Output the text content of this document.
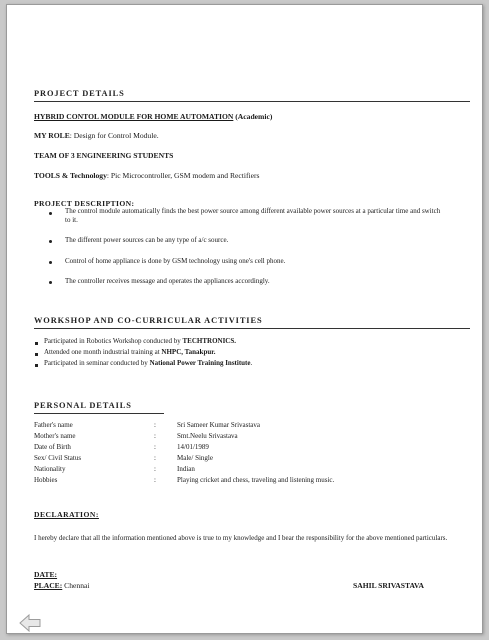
PROJECT DETAILS
HYBRID CONTOL MODULE FOR HOME AUTOMATION (Academic)
MY ROLE: Design for Control Module.
TEAM OF 3 ENGINEERING STUDENTS
TOOLS & Technology: Pic Microcontroller, GSM modem and Rectifiers
PROJECT DESCRIPTION:
The control module automatically finds the best power source among different available power sources at a particular time and switch to it.
The different power sources can be any type of a/c source.
Control of home appliance is done by GSM technology using one's cell phone.
The controller receives message and operates the appliances accordingly.
WORKSHOP AND CO-CURRICULAR ACTIVITIES
Participated in Robotics Workshop conducted by TECHTRONICS.
Attended one month industrial training at NHPC, Tanakpur.
Participated in seminar conducted by National Power Training Institute.
PERSONAL DETAILS
Father's name	:	Sri Sameer Kumar Srivastava
Mother's name	:	Smt.Neelu Srivastava
Date of Birth	:	14/01/1989
Sex/ Civil Status	:	Male/ Single
Nationality	:	Indian
Hobbies	:	Playing cricket and chess, traveling and listening music.
DECLARATION:
I hereby declare that all the information mentioned above is true to my knowledge and I bear the responsibility for the above mentioned particulars.
DATE:
PLACE: Chennai	SAHIL SRIVASTAVA
